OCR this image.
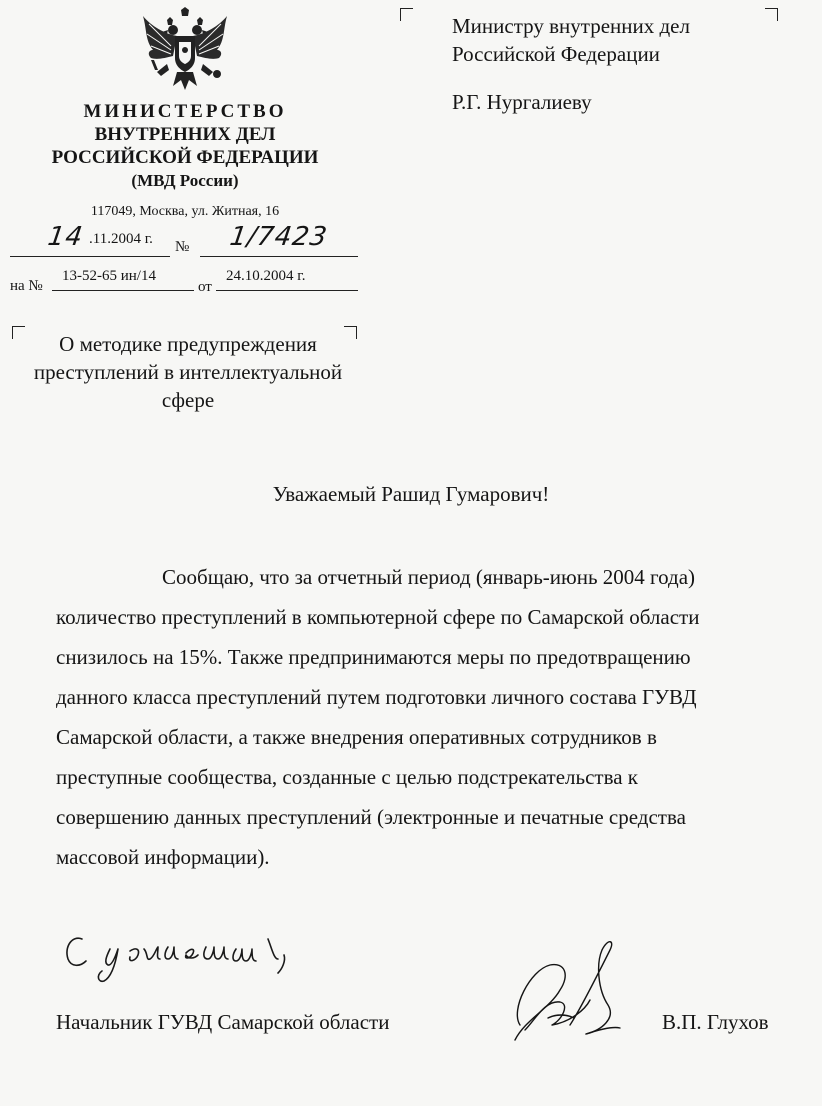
МИНИСТЕРСТВО
ВНУТРЕННИХ ДЕЛ
РОССИЙСКОЙ ФЕДЕРАЦИИ
(МВД России)
117049, Москва, ул. Житная, 16
14 .11.2004 г. № 1/7423
на №
13-52-65 ин/14
от
24.10.2004 г.
Министру внутренних дел
Российской Федерации
Р.Г. Нургалиеву
О методике предупреждения
преступлений в интеллектуальной
сфере
Уважаемый Рашид Гумарович!
Сообщаю, что за отчетный период (январь-июнь 2004 года)
количество преступлений в компьютерной сфере по Самарской области
снизилось на 15%. Также предпринимаются меры по предотвращению
данного класса преступлений путем подготовки личного состава ГУВД
Самарской области, а также внедрения оперативных сотрудников в
преступные сообщества, созданные с целью подстрекательства к
совершению данных преступлений (электронные и печатные средства
массовой информации).
Начальник ГУВД Самарской области	В.П. Глухов
